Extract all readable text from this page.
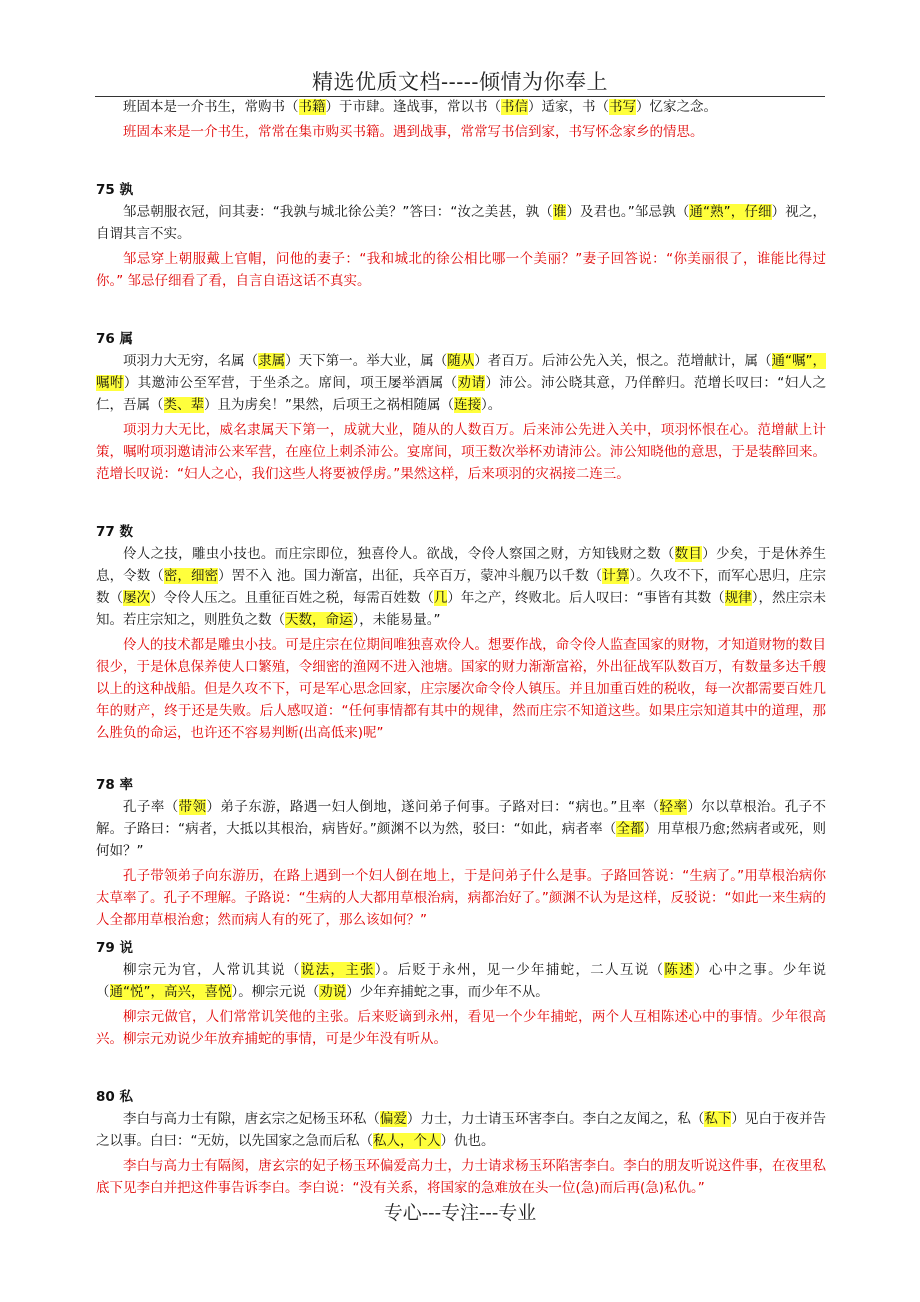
精选优质文档-----倾情为你奉上

班固本是一介书生，常购书（书籍）于市肆。逢战事，常以书（书信）适家，书（书写）忆家之念。

班固本来是一介书生，常常在集市购买书籍。遇到战事，常常写书信到家，书写怀念家乡的情思。

75 孰

邹忌朝服衣冠，问其妻：“我孰与城北徐公美？”答曰：“汝之美甚，孰（谁）及君也。”邹忌孰（通“熟”，仔细）视之，自谓其言不实。

邹忌穿上朝服戴上官帽，问他的妻子：“我和城北的徐公相比哪一个美丽？”妻子回答说：“你美丽很了，谁能比得过你。” 邹忌仔细看了看，自言自语这话不真实。

76 属

项羽力大无穷，名属（隶属）天下第一。举大业，属（随从）者百万。后沛公先入关，恨之。范增献计，属（通“嘱”，嘱咐）其邀沛公至军营，于坐杀之。席间，项王屡举酒属（劝请）沛公。沛公晓其意，乃佯醉归。范增长叹曰：“妇人之仁，吾属（类、辈）且为虏矣！”果然，后项王之祸相随属（连接）。

项羽力大无比，威名隶属天下第一，成就大业，随从的人数百万。后来沛公先进入关中，项羽怀恨在心。范增献上计策，嘱咐项羽邀请沛公来军营，在座位上刺杀沛公。宴席间，项王数次举杯劝请沛公。沛公知晓他的意思，于是装醉回来。范增长叹说：“妇人之心，我们这些人将要被俘虏。”果然这样，后来项羽的灾祸接二连三。

77 数

伶人之技，雕虫小技也。而庄宗即位，独喜伶人。欲战，令伶人察国之财，方知钱财之数（数目）少矣，于是休养生息，令数（密，细密）罟不入 池。国力渐富，出征，兵卒百万，蒙冲斗舰乃以千数（计算）。久攻不下，而军心思归，庄宗数（屡次）令伶人压之。且重征百姓之税，每需百姓数（几）年之产，终败北。后人叹曰：“事皆有其数（规律），然庄宗未知。若庄宗知之，则胜负之数（天数，命运），未能易量。”

伶人的技术都是雕虫小技。可是庄宗在位期间唯独喜欢伶人。想要作战，命令伶人监查国家的财物，才知道财物的数目很少，于是休息保养使人口繁殖，令细密的渔网不进入池塘。国家的财力渐渐富裕，外出征战军队数百万，有数量多达千艘以上的这种战船。但是久攻不下，可是军心思念回家，庄宗屡次命令伶人镇压。并且加重百姓的税收，每一次都需要百姓几年的财产，终于还是失败。后人感叹道：“任何事情都有其中的规律，然而庄宗不知道这些。如果庄宗知道其中的道理，那么胜负的命运，也许还不容易判断(出高低来)呢”

78 率

孔子率（带领）弟子东游，路遇一妇人倒地，遂问弟子何事。子路对曰：“病也。”且率（轻率）尔以草根治。孔子不解。子路曰：“病者，大抵以其根治，病皆好。”颜渊不以为然，驳曰：“如此，病者率（全都）用草根乃愈;然病者或死，则何如？”

孔子带领弟子向东游历，在路上遇到一个妇人倒在地上，于是问弟子什么是事。子路回答说：“生病了。”用草根治病你太草率了。孔子不理解。子路说：“生病的人大都用草根治病，病都治好了。”颜渊不认为是这样，反驳说：“如此一来生病的人全都用草根治愈；然而病人有的死了，那么该如何？”

79 说

柳宗元为官，人常讥其说（说法，主张）。后贬于永州，见一少年捕蛇，二人互说（陈述）心中之事。少年说（通“悦”，高兴，喜悦）。柳宗元说（劝说）少年弃捕蛇之事，而少年不从。

柳宗元做官，人们常常讥笑他的主张。后来贬谪到永州，看见一个少年捕蛇，两个人互相陈述心中的事情。少年很高兴。柳宗元劝说少年放弃捕蛇的事情，可是少年没有听从。

80 私

李白与高力士有隙，唐玄宗之妃杨玉环私（偏爱）力士，力士请玉环害李白。李白之友闻之，私（私下）见白于夜并告之以事。白曰：“无妨，以先国家之急而后私（私人，个人）仇也。

李白与高力士有隔阂，唐玄宗的妃子杨玉环偏爱高力士，力士请求杨玉环陷害李白。李白的朋友听说这件事，在夜里私底下见李白并把这件事告诉李白。李白说：“没有关系，将国家的急难放在头一位(急)而后再(急)私仇。”

专心---专注---专业
